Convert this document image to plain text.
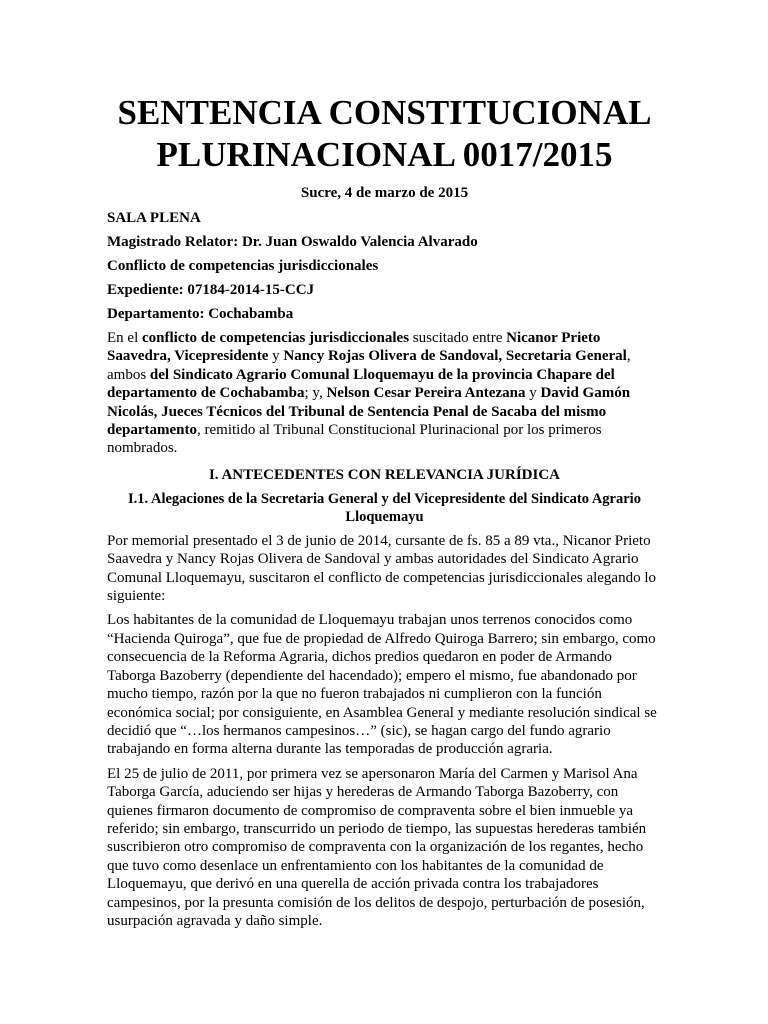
SENTENCIA CONSTITUCIONAL
PLURINACIONAL 0017/2015

Sucre, 4 de marzo de 2015

SALA PLENA

Magistrado Relator: Dr. Juan Oswaldo Valencia Alvarado

Conflicto de competencias jurisdiccionales

Expediente: 07184-2014-15-CCJ

Departamento: Cochabamba

En el conflicto de competencias jurisdiccionales suscitado entre Nicanor Prieto Saavedra, Vicepresidente y Nancy Rojas Olivera de Sandoval, Secretaria General, ambos del Sindicato Agrario Comunal Lloquemayu de la provincia Chapare del departamento de Cochabamba; y, Nelson Cesar Pereira Antezana y David Gamón Nicolás, Jueces Técnicos del Tribunal de Sentencia Penal de Sacaba del mismo departamento, remitido al Tribunal Constitucional Plurinacional por los primeros nombrados.

I. ANTECEDENTES CON RELEVANCIA JURÍDICA
I.1. Alegaciones de la Secretaria General y del Vicepresidente del Sindicato Agrario Lloquemayu

Por memorial presentado el 3 de junio de 2014, cursante de fs. 85 a 89 vta., Nicanor Prieto Saavedra y Nancy Rojas Olivera de Sandoval y ambas autoridades del Sindicato Agrario Comunal Lloquemayu, suscitaron el conflicto de competencias jurisdiccionales alegando lo siguiente:

Los habitantes de la comunidad de Lloquemayu trabajan unos terrenos conocidos como “Hacienda Quiroga”, que fue de propiedad de Alfredo Quiroga Barrero; sin embargo, como consecuencia de la Reforma Agraria, dichos predios quedaron en poder de Armando Taborga Bazoberry (dependiente del hacendado); empero el mismo, fue abandonado por mucho tiempo, razón por la que no fueron trabajados ni cumplieron con la función económica social; por consiguiente, en Asamblea General y mediante resolución sindical se decidió que “…los hermanos campesinos…” (sic), se hagan cargo del fundo agrario trabajando en forma alterna durante las temporadas de producción agraria.

El 25 de julio de 2011, por primera vez se apersonaron María del Carmen y Marisol Ana Taborga García, aduciendo ser hijas y herederas de Armando Taborga Bazoberry, con quienes firmaron documento de compromiso de compraventa sobre el bien inmueble ya referido; sin embargo, transcurrido un periodo de tiempo, las supuestas herederas también suscribieron otro compromiso de compraventa con la organización de los regantes, hecho que tuvo como desenlace un enfrentamiento con los habitantes de la comunidad de Lloquemayu, que derivó en una querella de acción privada contra los trabajadores campesinos, por la presunta comisión de los delitos de despojo, perturbación de posesión, usurpación agravada y daño simple.
